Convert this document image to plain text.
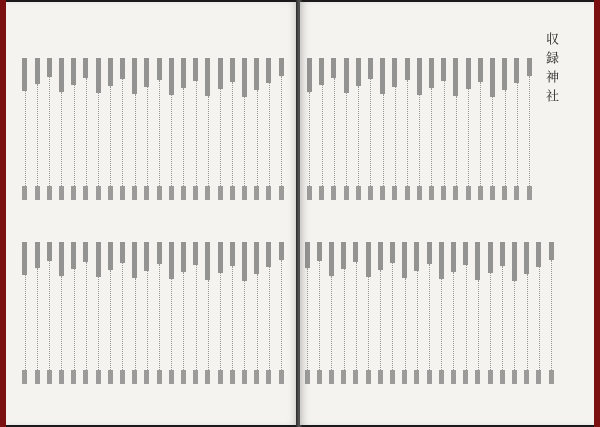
収録神社
